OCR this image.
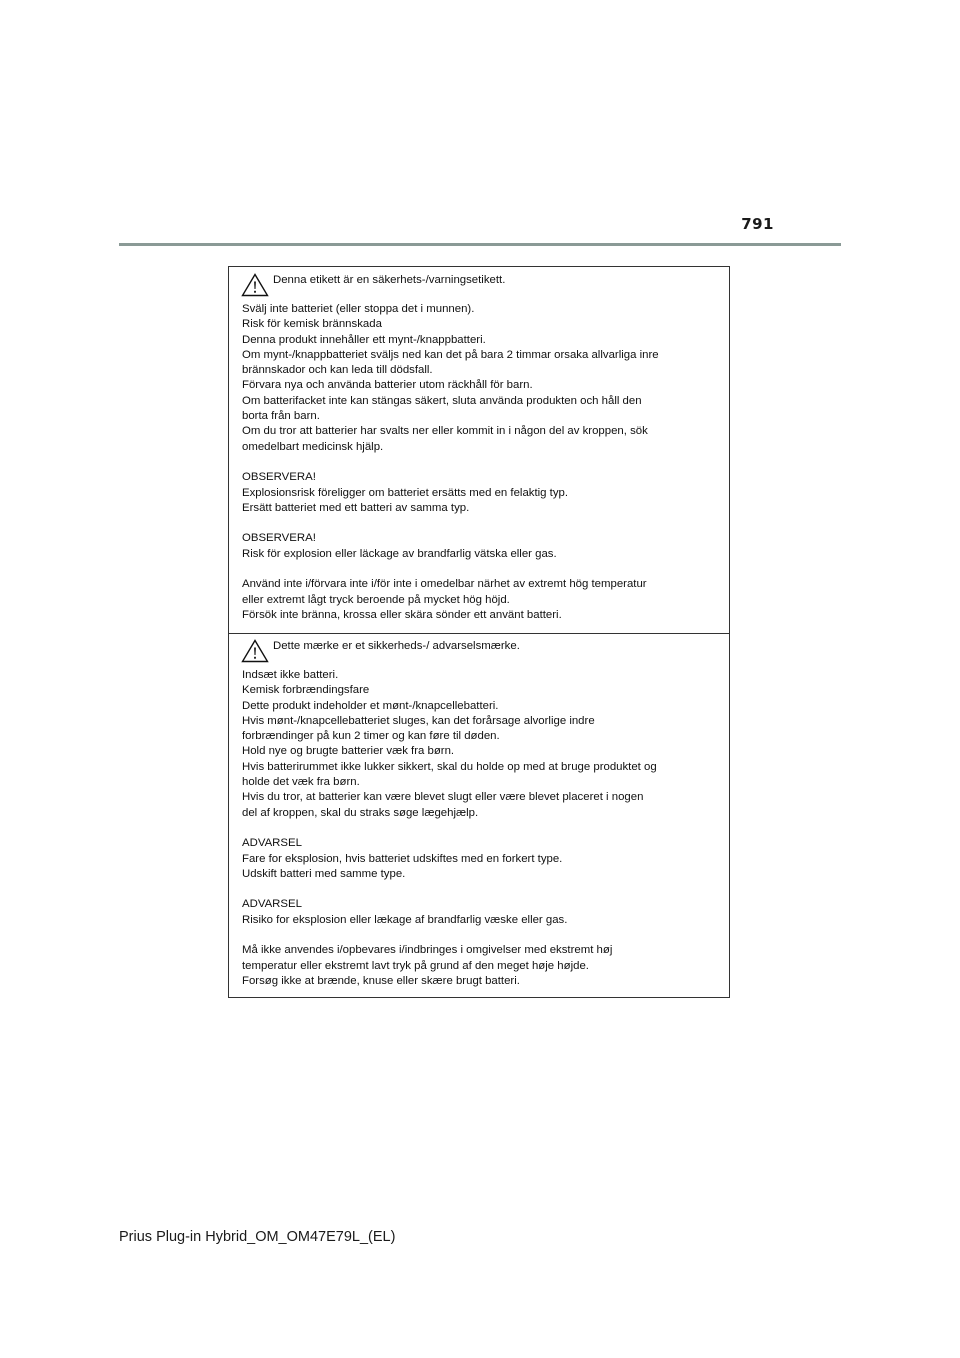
791
Denna etikett är en säkerhets-/varningsetikett.
Svälj inte batteriet (eller stoppa det i munnen).
Risk för kemisk brännskada
Denna produkt innehåller ett mynt-/knappbatteri.
Om mynt-/knappbatteriet sväljs ned kan det på bara 2 timmar orsaka allvarliga inre
brännskador och kan leda till dödsfall.
Förvara nya och använda batterier utom räckhåll för barn.
Om batterifacket inte kan stängas säkert, sluta använda produkten och håll den
borta från barn.
Om du tror att batterier har svalts ner eller kommit in i någon del av kroppen, sök
omedelbart medicinsk hjälp.
OBSERVERA!
Explosionsrisk föreligger om batteriet ersätts med en felaktig typ.
Ersätt batteriet med ett batteri av samma typ.
OBSERVERA!
Risk för explosion eller läckage av brandfarlig vätska eller gas.
Använd inte i/förvara inte i/för inte i omedelbar närhet av extremt hög temperatur
eller extremt lågt tryck beroende på mycket hög höjd.
Försök inte bränna, krossa eller skära sönder ett använt batteri.
Dette mærke er et sikkerheds-/ advarselsmærke.
Indsæt ikke batteri.
Kemisk forbrændingsfare
Dette produkt indeholder et mønt-/knapcellebatteri.
Hvis mønt-/knapcellebatteriet sluges, kan det forårsage alvorlige indre
forbrændinger på kun 2 timer og kan føre til døden.
Hold nye og brugte batterier væk fra børn.
Hvis batterirummet ikke lukker sikkert, skal du holde op med at bruge produktet og
holde det væk fra børn.
Hvis du tror, at batterier kan være blevet slugt eller være blevet placeret i nogen
del af kroppen, skal du straks søge lægehjælp.
ADVARSEL
Fare for eksplosion, hvis batteriet udskiftes med en forkert type.
Udskift batteri med samme type.
ADVARSEL
Risiko for eksplosion eller lækage af brandfarlig væske eller gas.
Må ikke anvendes i/opbevares i/indbringes i omgivelser med ekstremt høj
temperatur eller ekstremt lavt tryk på grund af den meget høje højde.
Forsøg ikke at brænde, knuse eller skære brugt batteri.
Prius Plug-in Hybrid_OM_OM47E79L_(EL)
